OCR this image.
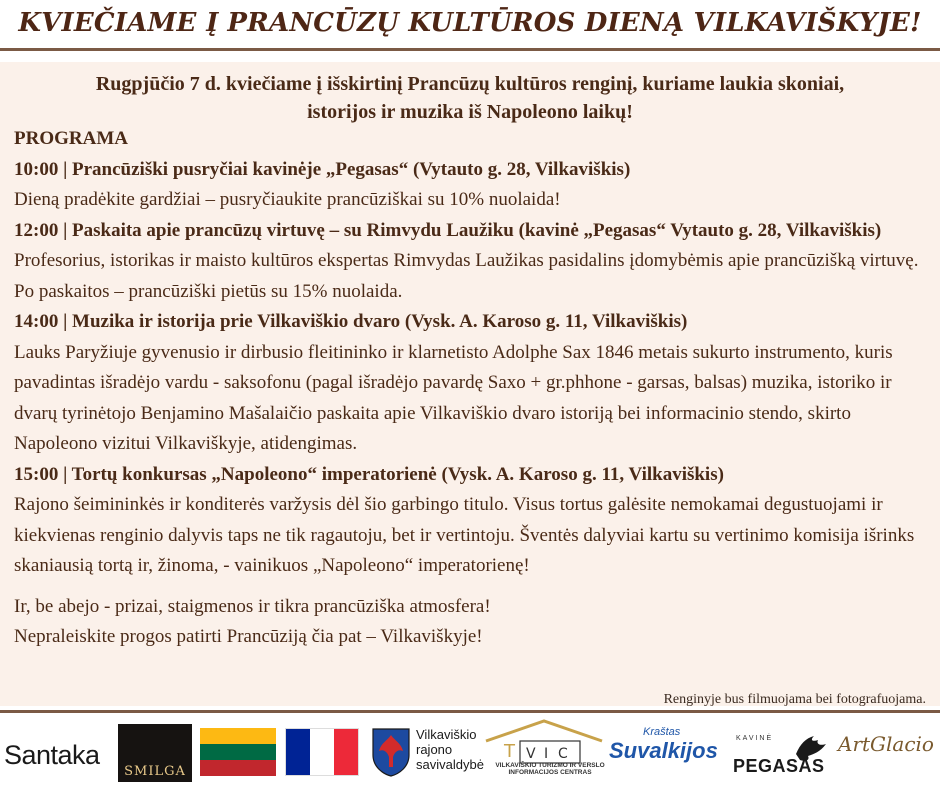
KVIEČIAME Į PRANCŪZŲ KULTŪROS DIENĄ VILKAVIŠKYJE!
Rugpjūčio 7 d. kviečiame į išskirtinį Prancūzų kultūros renginį, kuriame laukia skoniai,
istorijos ir muzika iš Napoleono laikų!

PROGRAMA

10:00 | Prancūziški pusryčiai kavinėje „Pegasas“ (Vytauto g. 28, Vilkaviškis)

Dieną pradėkite gardžiai – pusryčiaukite prancūziškai su 10% nuolaida!

12:00 | Paskaita apie prancūzų virtuvę – su Rimvydu Laužiku (kavinė „Pegasas“ Vytauto g. 28, Vilkaviškis)

Profesorius, istorikas ir maisto kultūros ekspertas Rimvydas Laužikas pasidalins įdomybėmis apie prancūzišką virtuvę. Po paskaitos – prancūziški pietūs su 15% nuolaida.

14:00 | Muzika ir istorija prie Vilkaviškio dvaro (Vysk. A. Karoso g. 11, Vilkaviškis)

Lauks Paryžiuje gyvenusio ir dirbusio fleitininko ir klarnetisto Adolphe Sax 1846 metais sukurto instrumento, kuris pavadintas išradėjo vardu - saksofonu (pagal išradėjo pavardę Saxo + gr.phhone - garsas, balsas) muzika, istoriko ir dvarų tyrinėtojo Benjamino Mašalaičio paskaita apie Vilkaviškio dvaro istoriją bei informacinio stendo, skirto Napoleono vizitui Vilkaviškyje, atidengimas.

15:00 | Tortų konkursas „Napoleono“ imperatorienė (Vysk. A. Karoso g. 11, Vilkaviškis)

Rajono šeimininkės ir konditerės varžysis dėl šio garbingo titulo. Visus tortus galėsite nemokamai degustuojami ir kiekvienas renginio dalyvis taps ne tik ragautoju, bet ir vertintoju. Šventės dalyviai kartu su vertinimo komisija išrinks skaniausią tortą ir, žinoma, - vainikuos „Napoleono“ imperatorienę!

Ir, be abejo - prizai, staigmenos ir tikra prancūziška atmosfera!

Nepraleiskite progos patirti Prancūziją čia pat – Vilkaviškyje!

Renginyje bus filmuojama bei fotografuojama.
Santaka
SMILGA
Vilkaviškio
rajono
savivaldybė
T V I C
VILKAVIŠKIO TURIZMO IR VERSLO INFORMACIJOS CENTRAS
Kraštas
Suvalkijos	KAVINĖ
PEGASAS
ArtGlacio
